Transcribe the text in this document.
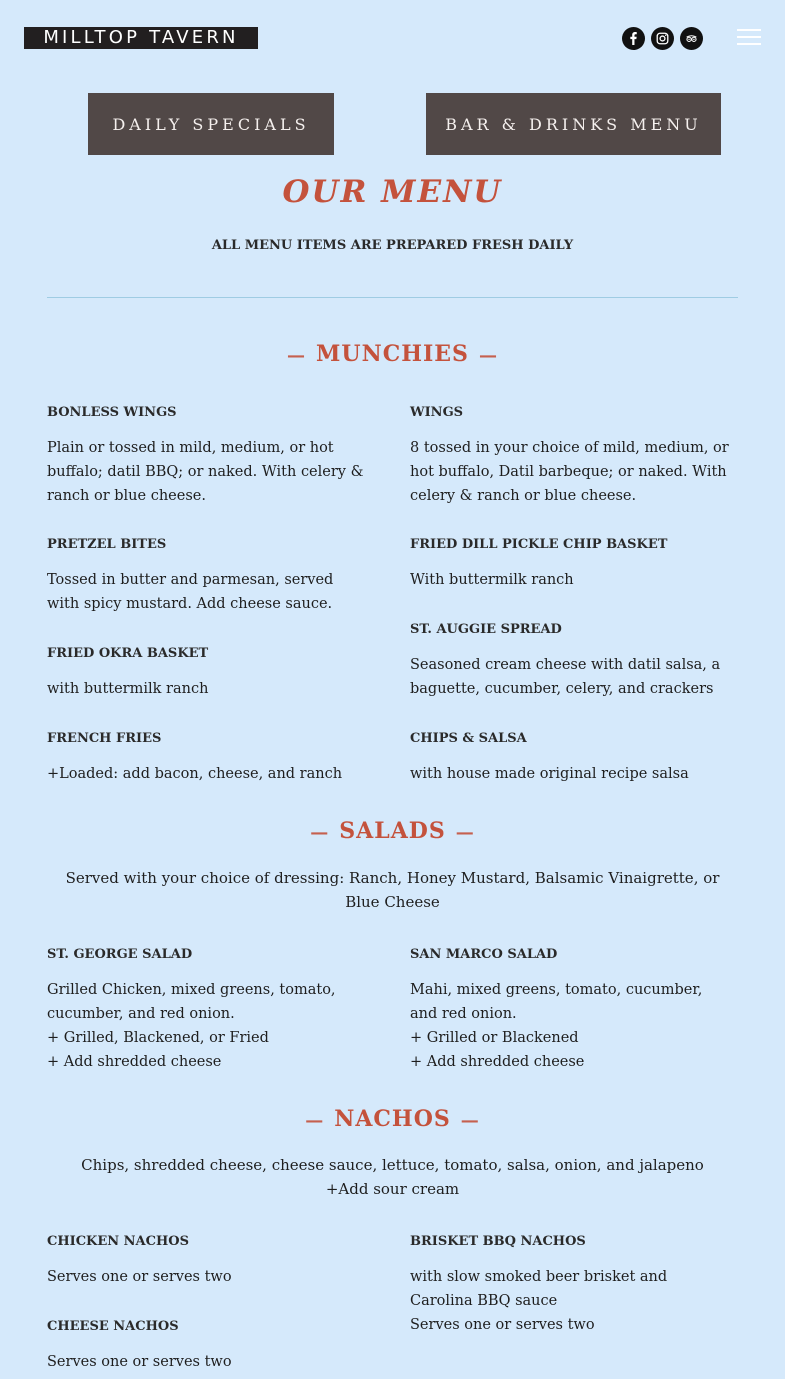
MILLTOP TAVERN
DAILY SPECIALS	BAR & DRINKS MENU
OUR MENU
ALL MENU ITEMS ARE PREPARED FRESH DAILY
— MUNCHIES —
BONLESS WINGS
Plain or tossed in mild, medium, or hot buffalo; datil BBQ; or naked. With celery & ranch or blue cheese.
WINGS
8 tossed in your choice of mild, medium, or hot buffalo, Datil barbeque; or naked. With celery & ranch or blue cheese.
PRETZEL BITES
Tossed in butter and parmesan, served with spicy mustard. Add cheese sauce.
FRIED DILL PICKLE CHIP BASKET
With buttermilk ranch
FRIED OKRA BASKET
with buttermilk ranch
ST. AUGGIE SPREAD
Seasoned cream cheese with datil salsa, a baguette, cucumber, celery, and crackers
FRENCH FRIES
+Loaded: add bacon, cheese, and ranch
CHIPS & SALSA
with house made original recipe salsa
— SALADS —
Served with your choice of dressing: Ranch, Honey Mustard, Balsamic Vinaigrette, or Blue Cheese
ST. GEORGE SALAD
Grilled Chicken, mixed greens, tomato, cucumber, and red onion.
+ Grilled, Blackened, or Fried
+ Add shredded cheese
SAN MARCO SALAD
Mahi, mixed greens, tomato, cucumber, and red onion.
+ Grilled or Blackened
+ Add shredded cheese
— NACHOS —
Chips, shredded cheese, cheese sauce, lettuce, tomato, salsa, onion, and jalapeno
+Add sour cream
CHICKEN NACHOS
Serves one or serves two
BRISKET BBQ NACHOS
with slow smoked beer brisket and Carolina BBQ sauce
Serves one or serves two
CHEESE NACHOS
Serves one or serves two
